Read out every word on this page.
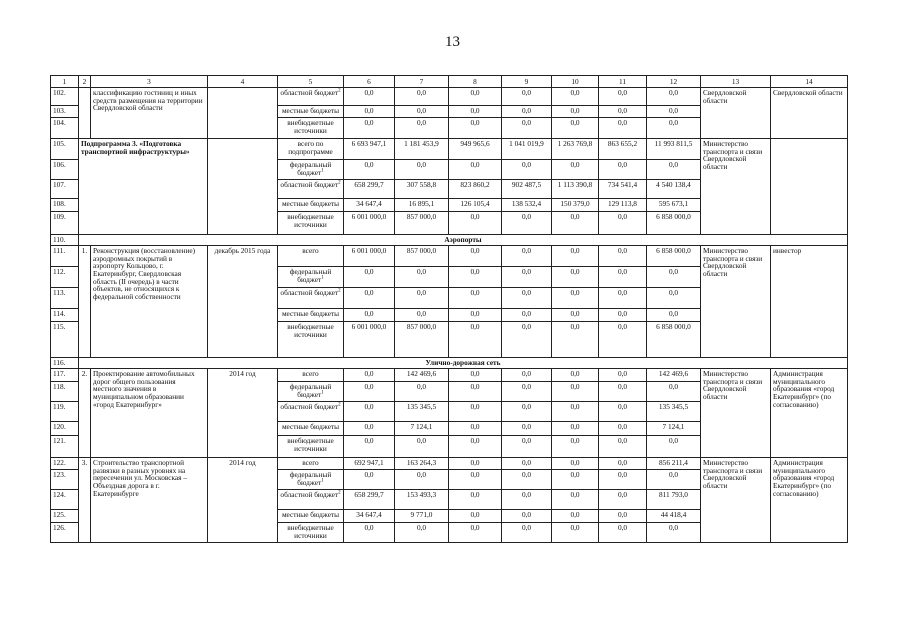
13
1	2	3	4	5	6	7	8	9	10	11	12	13	14
102.		классификацию гостиниц и иных средств размещения на территории Свердловской области		областной бюджет$^2$	0,0	0,0	0,0	0,0	0,0	0,0	0,0	Свердловской области	Свердловской области
103.				местные бюджеты	0,0	0,0	0,0	0,0	0,0	0,0	0,0		
104.				внебюджетные источники	0,0	0,0	0,0	0,0	0,0	0,0	0,0		
105.	Подпрограмма 3. «Подготовка транспортной инфраструктуры»			всего по подпрограмме	6 693 947,1	1 181 453,9	949 965,6	1 041 019,9	1 263 769,8	863 655,2	11 993 811,5	Министерство транспорта и связи Свердловской области	
106.				федеральный бюджет$^1$	0,0	0,0	0,0	0,0	0,0	0,0	0,0		
107.				областной бюджет$^2$	658 299,7	307 558,8	823 860,2	902 487,5	1 113 390,8	734 541,4	4 540 138,4		
108.				местные бюджеты	34 647,4	16 895,1	126 105,4	138 532,4	150 379,0	129 113,8	595 673,1		
109.				внебюджетные источники	6 001 000,0	857 000,0	0,0	0,0	0,0	0,0	6 858 000,0		
110.	Аэропорты												
111.	1.	Реконструкция (восстановление) аэродромных покрытий в аэропорту Кольцово, г. Екатеринбург, Свердловская область (II очередь) в части объектов, не относящихся к федеральной собственности	декабрь 2015 года	всего	6 001 000,0	857 000,0	0,0	0,0	0,0	0,0	6 858 000,0	Министерство транспорта и связи Свердловской области	инвестор
112.				федеральный бюджет$^1$	0,0	0,0	0,0	0,0	0,0	0,0	0,0		
113.				областной бюджет$^2$	0,0	0,0	0,0	0,0	0,0	0,0	0,0		
114.				местные бюджеты	0,0	0,0	0,0	0,0	0,0	0,0	0,0		
115.				внебюджетные источники	6 001 000,0	857 000,0	0,0	0,0	0,0	0,0	6 858 000,0		
116.	Улично-дорожная сеть												
117.	2.	Проектирование автомобильных дорог общего пользования местного значения в муниципальном образовании «город Екатеринбург»	2014 год	всего	0,0	142 469,6	0,0	0,0	0,0	0,0	142 469,6	Министерство транспорта и связи Свердловской области	Администрация муниципального образования «город Екатеринбург» (по согласованию)
118.				федеральный бюджет$^1$	0,0	0,0	0,0	0,0	0,0	0,0	0,0		
119.				областной бюджет$^2$	0,0	135 345,5	0,0	0,0	0,0	0,0	135 345,5		
120.				местные бюджеты	0,0	7 124,1	0,0	0,0	0,0	0,0	7 124,1		
121.				внебюджетные источники	0,0	0,0	0,0	0,0	0,0	0,0	0,0		
122.	3.	Строительство транспортной развязки в разных уровнях на пересечении ул. Московская – Объездная дорога в г. Екатеринбурге	2014 год	всего	692 947,1	163 264,3	0,0	0,0	0,0	0,0	856 211,4	Министерство транспорта и связи Свердловской области	Администрация муниципального образования «город Екатеринбург» (по согласованию)
123.				федеральный бюджет$^1$	0,0	0,0	0,0	0,0	0,0	0,0	0,0		
124.				областной бюджет$^2$	658 299,7	153 493,3	0,0	0,0	0,0	0,0	811 793,0		
125.				местные бюджеты	34 647,4	9 771,0	0,0	0,0	0,0	0,0	44 418,4		
126.				внебюджетные источники	0,0	0,0	0,0	0,0	0,0	0,0	0,0		
